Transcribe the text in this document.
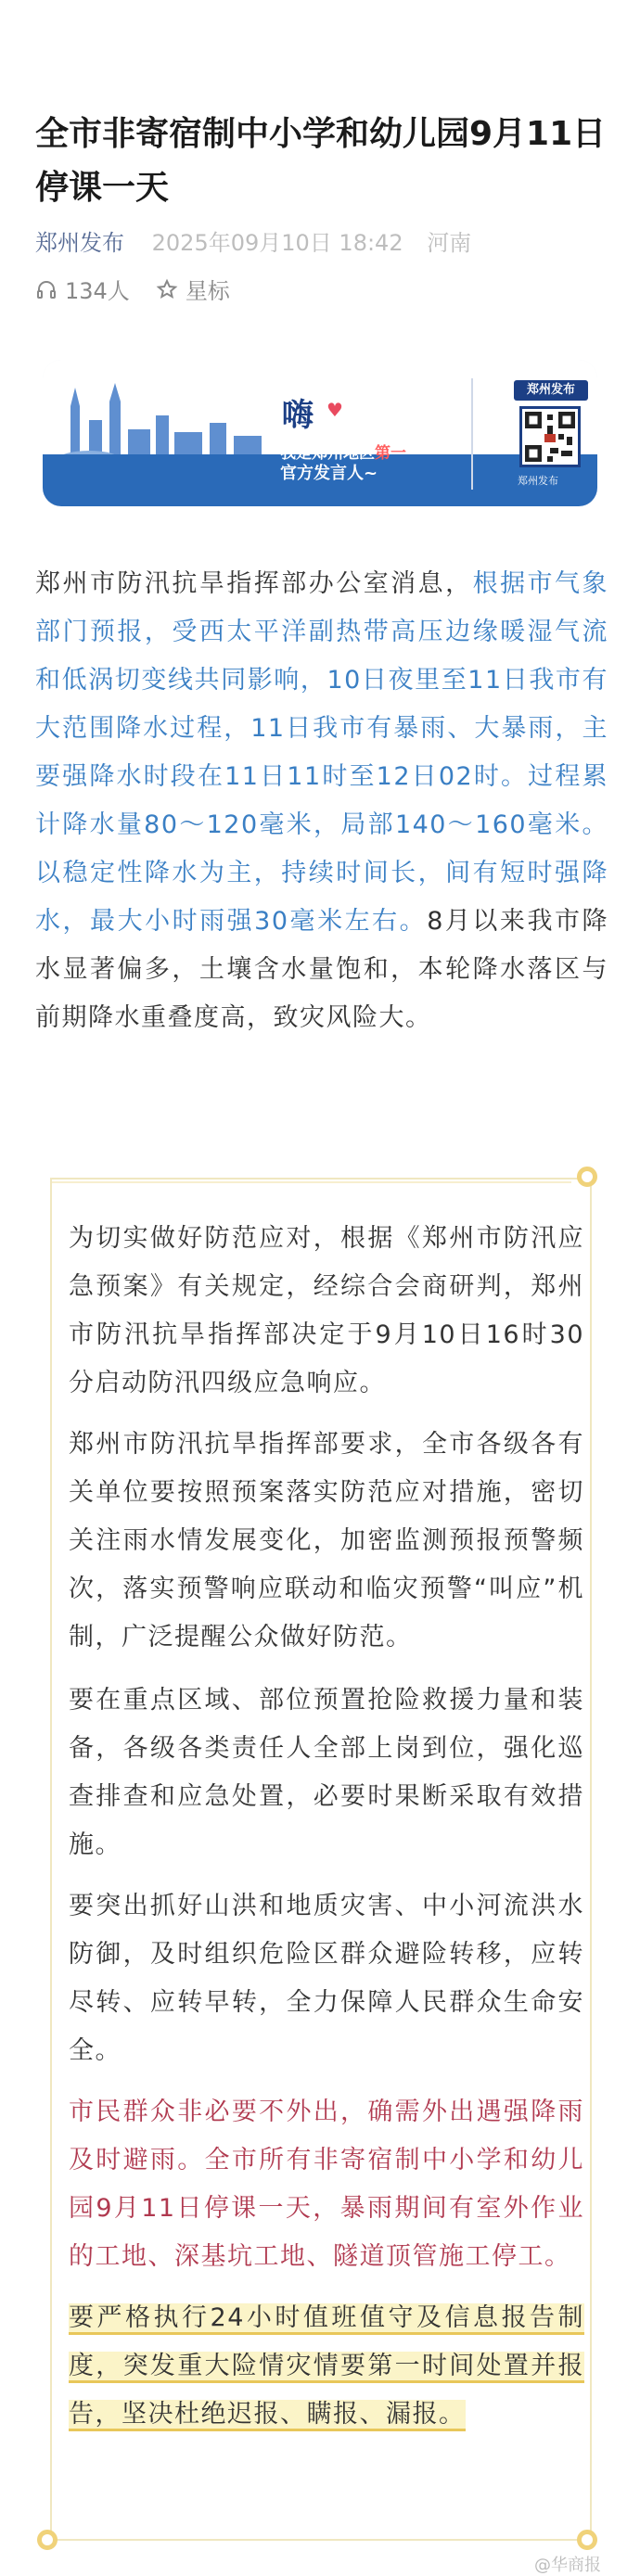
全市非寄宿制中小学和幼儿园9月11日停课一天
郑州发布 2025年09月10日 18:42 河南
134人	星标
嗨 ♥
我是郑州地区第一
官方发言人~
郑州发布
郑州发布
郑州市防汛抗旱指挥部办公室消息，根据市气象部门预报，受西太平洋副热带高压边缘暖湿气流和低涡切变线共同影响，10日夜里至11日我市有大范围降水过程，11日我市有暴雨、大暴雨，主要强降水时段在11日11时至12日02时。过程累计降水量80～120毫米，局部140～160毫米。以稳定性降水为主，持续时间长，间有短时强降水，最大小时雨强30毫米左右。8月以来我市降水显著偏多，土壤含水量饱和，本轮降水落区与前期降水重叠度高，致灾风险大。
为切实做好防范应对，根据《郑州市防汛应急预案》有关规定，经综合会商研判，郑州市防汛抗旱指挥部决定于9月10日16时30分启动防汛四级应急响应。
郑州市防汛抗旱指挥部要求，全市各级各有关单位要按照预案落实防范应对措施，密切关注雨水情发展变化，加密监测预报预警频次，落实预警响应联动和临灾预警“叫应”机制，广泛提醒公众做好防范。
要在重点区域、部位预置抢险救援力量和装备，各级各类责任人全部上岗到位，强化巡查排查和应急处置，必要时果断采取有效措施。
要突出抓好山洪和地质灾害、中小河流洪水防御，及时组织危险区群众避险转移，应转尽转、应转早转，全力保障人民群众生命安全。
市民群众非必要不外出，确需外出遇强降雨及时避雨。全市所有非寄宿制中小学和幼儿园9月11日停课一天，暴雨期间有室外作业的工地、深基坑工地、隧道顶管施工停工。
要严格执行24小时值班值守及信息报告制度，突发重大险情灾情要第一时间处置并报告，坚决杜绝迟报、瞒报、漏报。
@华商报
